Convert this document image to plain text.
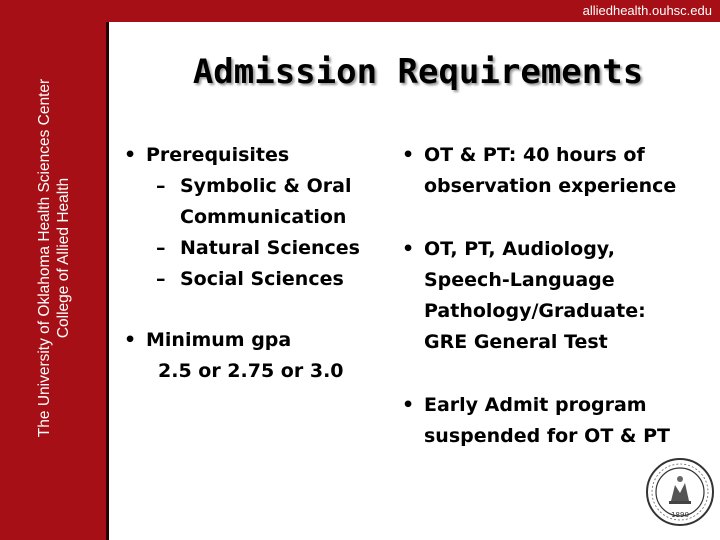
alliedhealth.ouhsc.edu
The University of Oklahoma Health Sciences Center College of Allied Health
Admission Requirements
• Prerequisites
– Symbolic & Oral
Communication
– Natural Sciences
– Social Sciences
• Minimum gpa
2.5 or 2.75 or 3.0
• OT & PT: 40 hours of
observation experience
• OT, PT, Audiology,
Speech-Language
Pathology/Graduate:
GRE General Test
• Early Admit program
suspended for OT & PT
1890
